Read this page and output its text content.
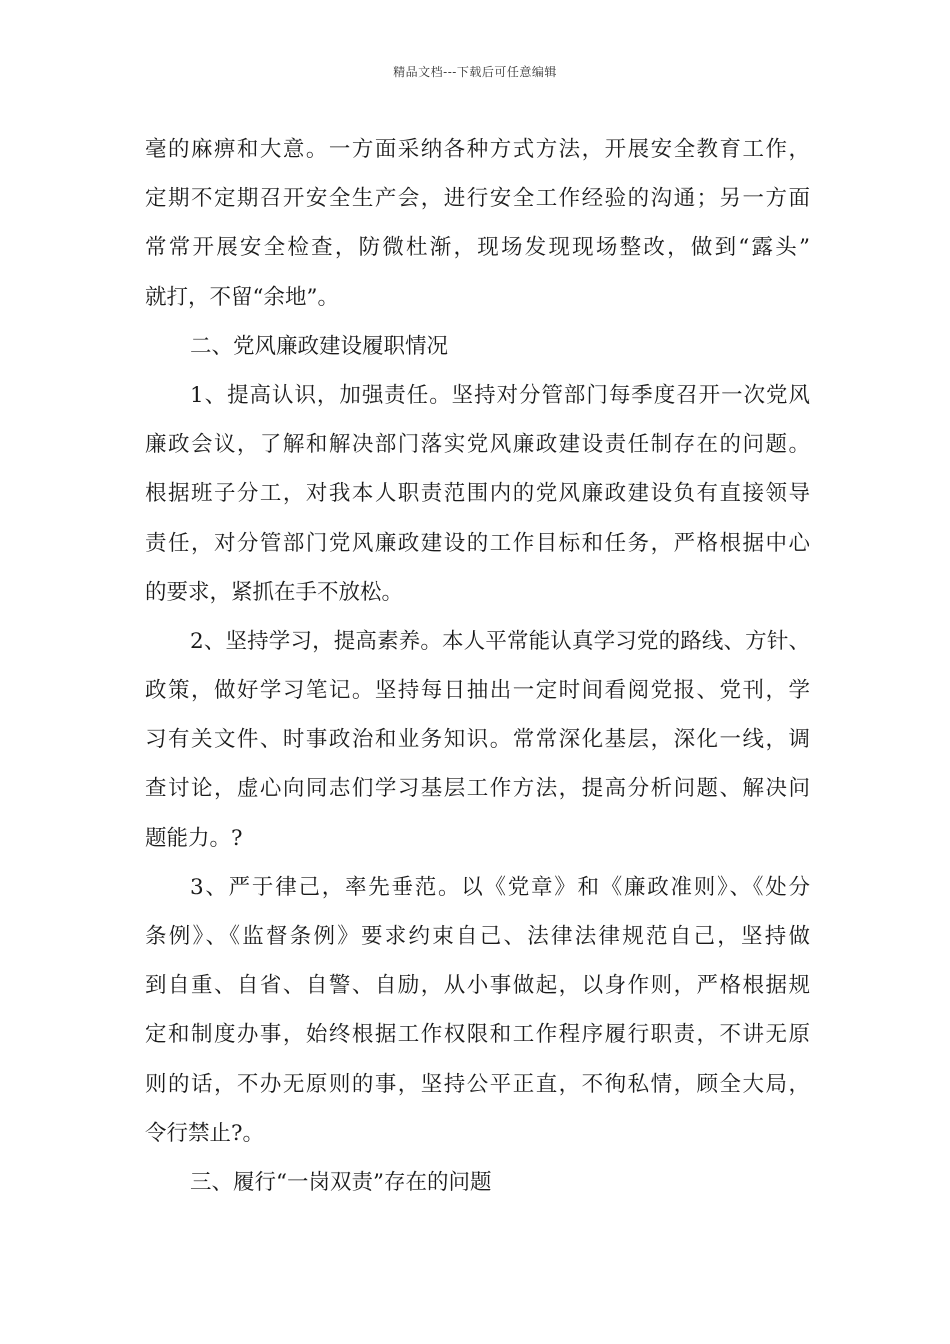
精品文档---下载后可任意编辑
毫的麻痹和大意。一方面采纳各种方式方法，开展安全教育工作，
定期不定期召开安全生产会，进行安全工作经验的沟通；另一方面
常常开展安全检查，防微杜渐，现场发现现场整改，做到“露头”
就打，不留“余地”。
二、党风廉政建设履职情况
1、提高认识，加强责任。坚持对分管部门每季度召开一次党风
廉政会议，了解和解决部门落实党风廉政建设责任制存在的问题。
根据班子分工，对我本人职责范围内的党风廉政建设负有直接领导
责任，对分管部门党风廉政建设的工作目标和任务，严格根据中心
的要求，紧抓在手不放松。
2、坚持学习，提高素养。本人平常能认真学习党的路线、方针、
政策，做好学习笔记。坚持每日抽出一定时间看阅党报、党刊，学
习有关文件、时事政治和业务知识。常常深化基层，深化一线，调
查讨论，虚心向同志们学习基层工作方法，提高分析问题、解决问
题能力。?
3、严于律己，率先垂范。以《党章》和《廉政准则》、《处分
条例》、《监督条例》要求约束自己、法律法律规范自己，坚持做
到自重、自省、自警、自励，从小事做起，以身作则，严格根据规
定和制度办事，始终根据工作权限和工作程序履行职责，不讲无原
则的话，不办无原则的事，坚持公平正直，不徇私情，顾全大局，
令行禁止?。
三、履行“一岗双责”存在的问题
